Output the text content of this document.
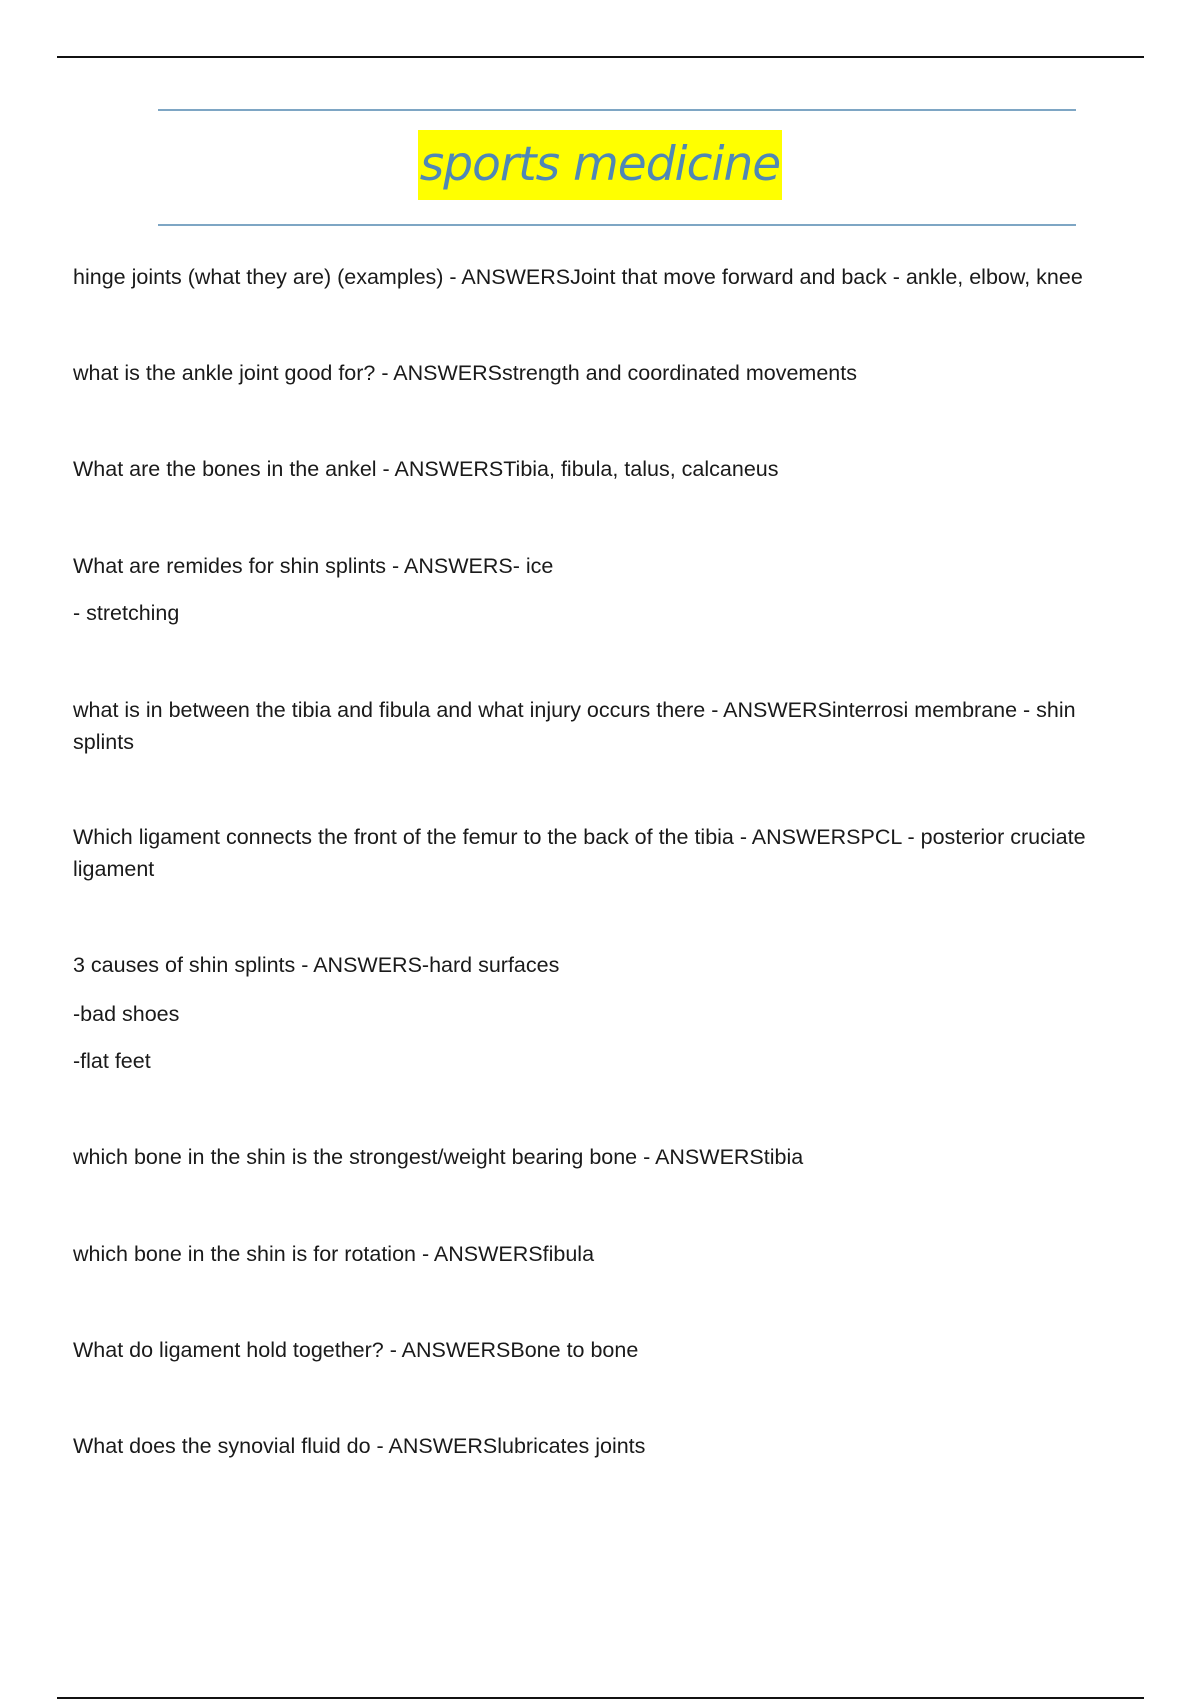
sports medicine
hinge joints (what they are) (examples) - ANSWERSJoint that move forward and back - ankle, elbow, knee
what is the ankle joint good for? - ANSWERSstrength and coordinated movements
What are the bones in the ankel - ANSWERSTibia, fibula, talus, calcaneus
What are remides for shin splints - ANSWERS- ice
- stretching
what is in between the tibia and fibula and what injury occurs there - ANSWERSinterrosi membrane - shin splints
Which ligament connects the front of the femur to the back of the tibia - ANSWERSPCL - posterior cruciate ligament
3 causes of shin splints - ANSWERS-hard surfaces
-bad shoes
-flat feet
which bone in the shin is the strongest/weight bearing bone - ANSWERStibia
which bone in the shin is for rotation - ANSWERSfibula
What do ligament hold together? - ANSWERSBone to bone
What does the synovial fluid do - ANSWERSlubricates joints
